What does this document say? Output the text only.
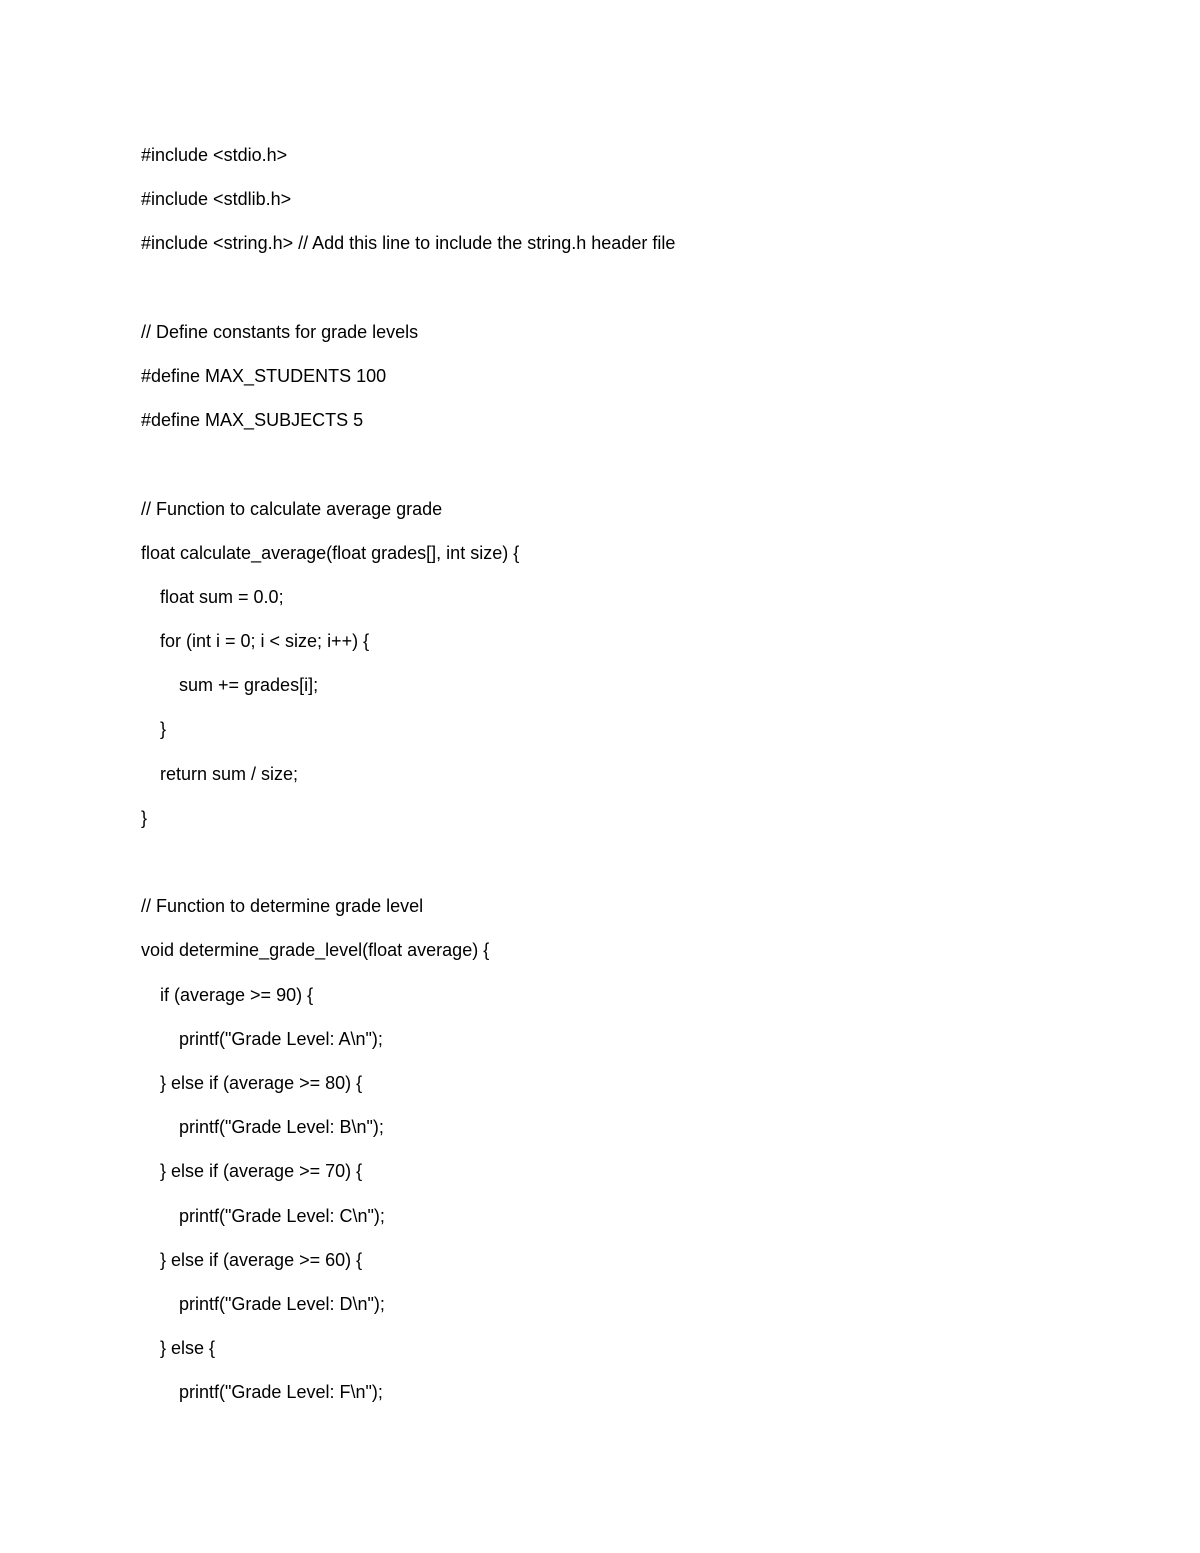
#include <stdio.h>
#include <stdlib.h>
#include <string.h> // Add this line to include the string.h header file
// Define constants for grade levels
#define MAX_STUDENTS 100
#define MAX_SUBJECTS 5
// Function to calculate average grade
float calculate_average(float grades[], int size) {
float sum = 0.0;
for (int i = 0; i < size; i++) {
sum += grades[i];
}
return sum / size;
}
// Function to determine grade level
void determine_grade_level(float average) {
if (average >= 90) {
printf("Grade Level: A\n");
} else if (average >= 80) {
printf("Grade Level: B\n");
} else if (average >= 70) {
printf("Grade Level: C\n");
} else if (average >= 60) {
printf("Grade Level: D\n");
} else {
printf("Grade Level: F\n");
